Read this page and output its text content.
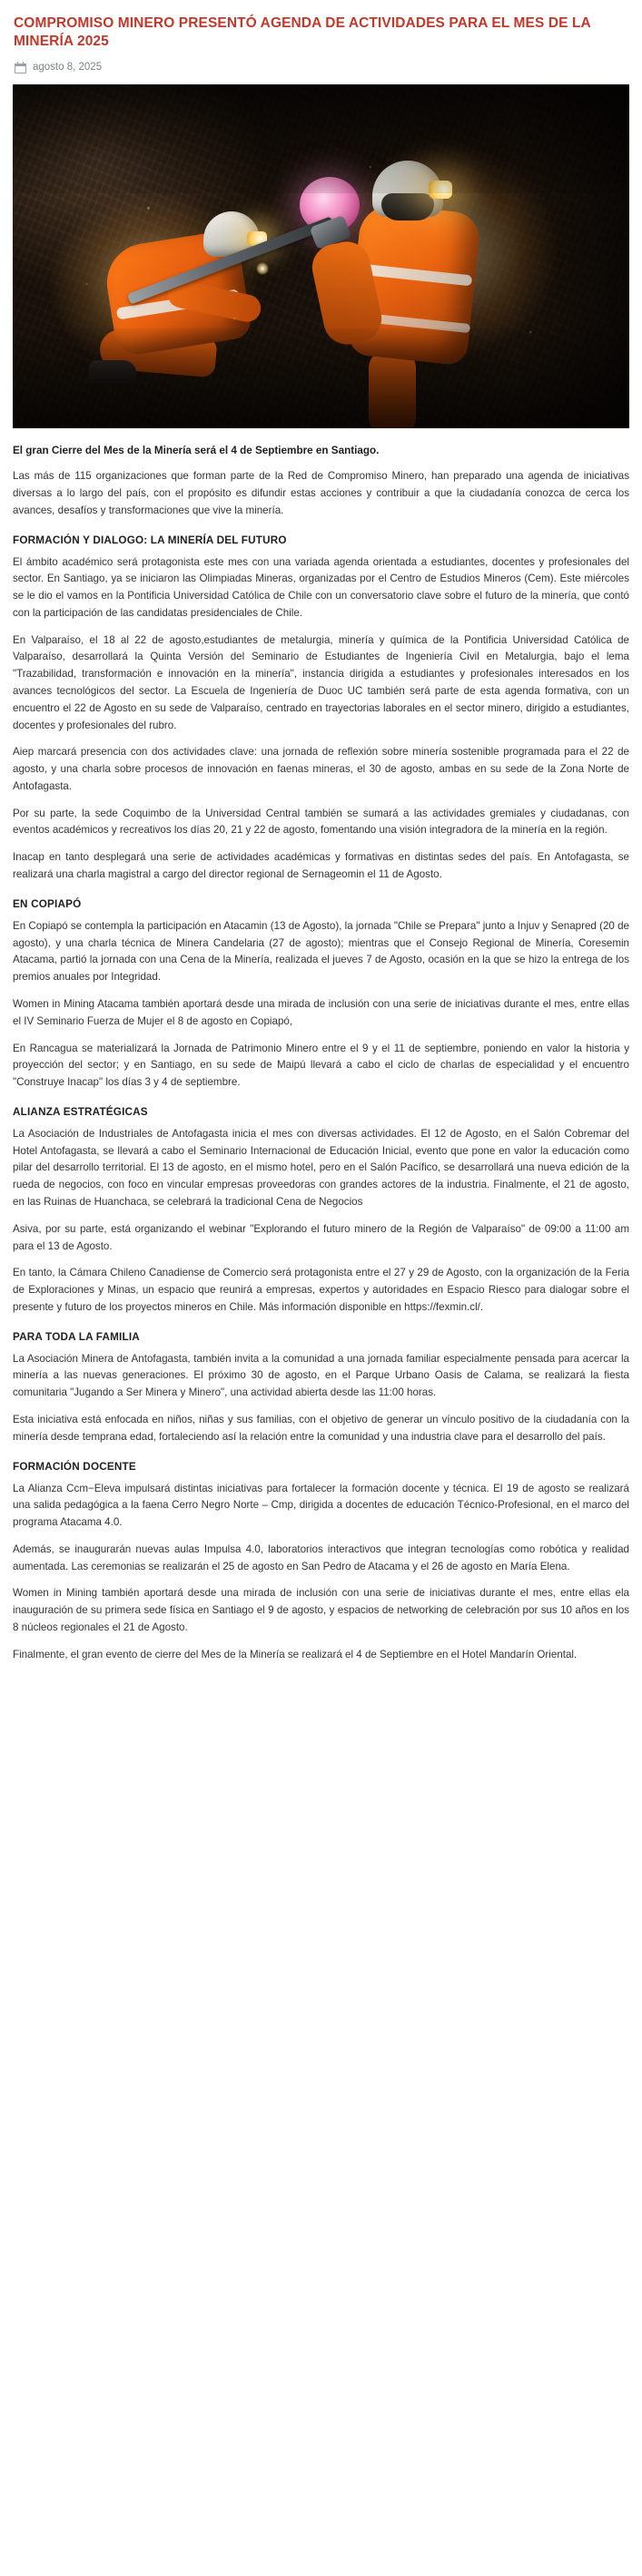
COMPROMISO MINERO PRESENTÓ AGENDA DE ACTIVIDADES PARA EL MES DE LA MINERÍA 2025
agosto 8, 2025

El gran Cierre del Mes de la Minería será el 4 de Septiembre en Santiago.

Las más de 115 organizaciones que forman parte de la Red de Compromiso Minero, han preparado una agenda de iniciativas diversas a lo largo del país, con el propósito es difundir estas acciones y contribuir a que la ciudadanía conozca de cerca los avances, desafíos y transformaciones que vive la minería.

FORMACIÓN Y DIALOGO: LA MINERÍA DEL FUTURO

El ámbito académico será protagonista este mes con una variada agenda orientada a estudiantes, docentes y profesionales del sector. En Santiago, ya se iniciaron las Olimpiadas Mineras, organizadas por el Centro de Estudios Mineros (Cem). Este miércoles se le dio el vamos en la Pontificia Universidad Católica de Chile con un conversatorio clave sobre el futuro de la minería, que contó con la participación de las candidatas presidenciales de Chile.

En Valparaíso, el 18 al 22 de agosto,estudiantes de metalurgia, minería y química de la Pontificia Universidad Católica de Valparaíso, desarrollará la Quinta Versión del Seminario de Estudiantes de Ingeniería Civil en Metalurgia, bajo el lema "Trazabilidad, transformación e innovación en la minería", instancia dirigida a estudiantes y profesionales interesados en los avances tecnológicos del sector. La Escuela de Ingeniería de Duoc UC también será parte de esta agenda formativa, con un encuentro el 22 de Agosto en su sede de Valparaíso, centrado en trayectorias laborales en el sector minero, dirigido a estudiantes, docentes y profesionales del rubro.

Aiep marcará presencia con dos actividades clave: una jornada de reflexión sobre minería sostenible programada para el 22 de agosto, y una charla sobre procesos de innovación en faenas mineras, el 30 de agosto, ambas en su sede de la Zona Norte de Antofagasta.

Por su parte, la sede Coquimbo de la Universidad Central también se sumará a las actividades gremiales y ciudadanas, con eventos académicos y recreativos los días 20, 21 y 22 de agosto, fomentando una visión integradora de la minería en la región.

Inacap en tanto desplegará una serie de actividades académicas y formativas en distintas sedes del país. En Antofagasta, se realizará una charla magistral a cargo del director regional de Sernageomin el 11 de Agosto.

EN COPIAPÓ

En Copiapó se contempla la participación en Atacamin (13 de Agosto), la jornada "Chile se Prepara" junto a Injuv y Senapred (20 de agosto), y una charla técnica de Minera Candelaria (27 de agosto); mientras que el Consejo Regional de Minería, Coresemin Atacama, partió la jornada con una Cena de la Minería, realizada el jueves 7 de Agosto, ocasión en la que se hizo la entrega de los premios anuales por Integridad.

Women in Mining Atacama también aportará desde una mirada de inclusión con una serie de iniciativas durante el mes, entre ellas el IV Seminario Fuerza de Mujer el 8 de agosto en Copiapó,

En Rancagua se materializará la Jornada de Patrimonio Minero entre el 9 y el 11 de septiembre, poniendo en valor la historia y proyección del sector; y en Santiago, en su sede de Maipú llevará a cabo el ciclo de charlas de especialidad y el encuentro "Construye Inacap" los días 3 y 4 de septiembre.

ALIANZA ESTRATÉGICAS

La Asociación de Industriales de Antofagasta inicia el mes con diversas actividades. El 12 de Agosto, en el Salón Cobremar del Hotel Antofagasta, se llevará a cabo el Seminario Internacional de Educación Inicial, evento que pone en valor la educación como pilar del desarrollo territorial. El 13 de agosto, en el mismo hotel, pero en el Salón Pacífico, se desarrollará una nueva edición de la rueda de negocios, con foco en vincular empresas proveedoras con grandes actores de la industria. Finalmente, el 21 de agosto, en las Ruinas de Huanchaca, se celebrará la tradicional Cena de Negocios

Asiva, por su parte, está organizando el webinar "Explorando el futuro minero de la Región de Valparaíso" de 09:00 a 11:00 am para el 13 de Agosto.

En tanto, la Cámara Chileno Canadiense de Comercio será protagonista entre el 27 y 29 de Agosto, con la organización de la Feria de Exploraciones y Minas, un espacio que reunirá a empresas, expertos y autoridades en Espacio Riesco para dialogar sobre el presente y futuro de los proyectos mineros en Chile. Más información disponible en https://fexmin.cl/.

PARA TODA LA FAMILIA

La Asociación Minera de Antofagasta, también invita a la comunidad a una jornada familiar especialmente pensada para acercar la minería a las nuevas generaciones. El próximo 30 de agosto, en el Parque Urbano Oasis de Calama, se realizará la fiesta comunitaria "Jugando a Ser Minera y Minero", una actividad abierta desde las 11:00 horas.

Esta iniciativa está enfocada en niños, niñas y sus familias, con el objetivo de generar un vínculo positivo de la ciudadanía con la minería desde temprana edad, fortaleciendo así la relación entre la comunidad y una industria clave para el desarrollo del país.

FORMACIÓN DOCENTE

La Alianza Ccm−Eleva impulsará distintas iniciativas para fortalecer la formación docente y técnica. El 19 de agosto se realizará una salida pedagógica a la faena Cerro Negro Norte – Cmp, dirigida a docentes de educación Técnico-Profesional, en el marco del programa Atacama 4.0.

Además, se inaugurarán nuevas aulas Impulsa 4.0, laboratorios interactivos que integran tecnologías como robótica y realidad aumentada. Las ceremonias se realizarán el 25 de agosto en San Pedro de Atacama y el 26 de agosto en María Elena.

Women in Mining también aportará desde una mirada de inclusión con una serie de iniciativas durante el mes, entre ellas ela inauguración de su primera sede física en Santiago el 9 de agosto, y espacios de networking de celebración por sus 10 años en los 8 núcleos regionales el 21 de Agosto.

Finalmente, el gran evento de cierre del Mes de la Minería se realizará el 4 de Septiembre en el Hotel Mandarín Oriental.
